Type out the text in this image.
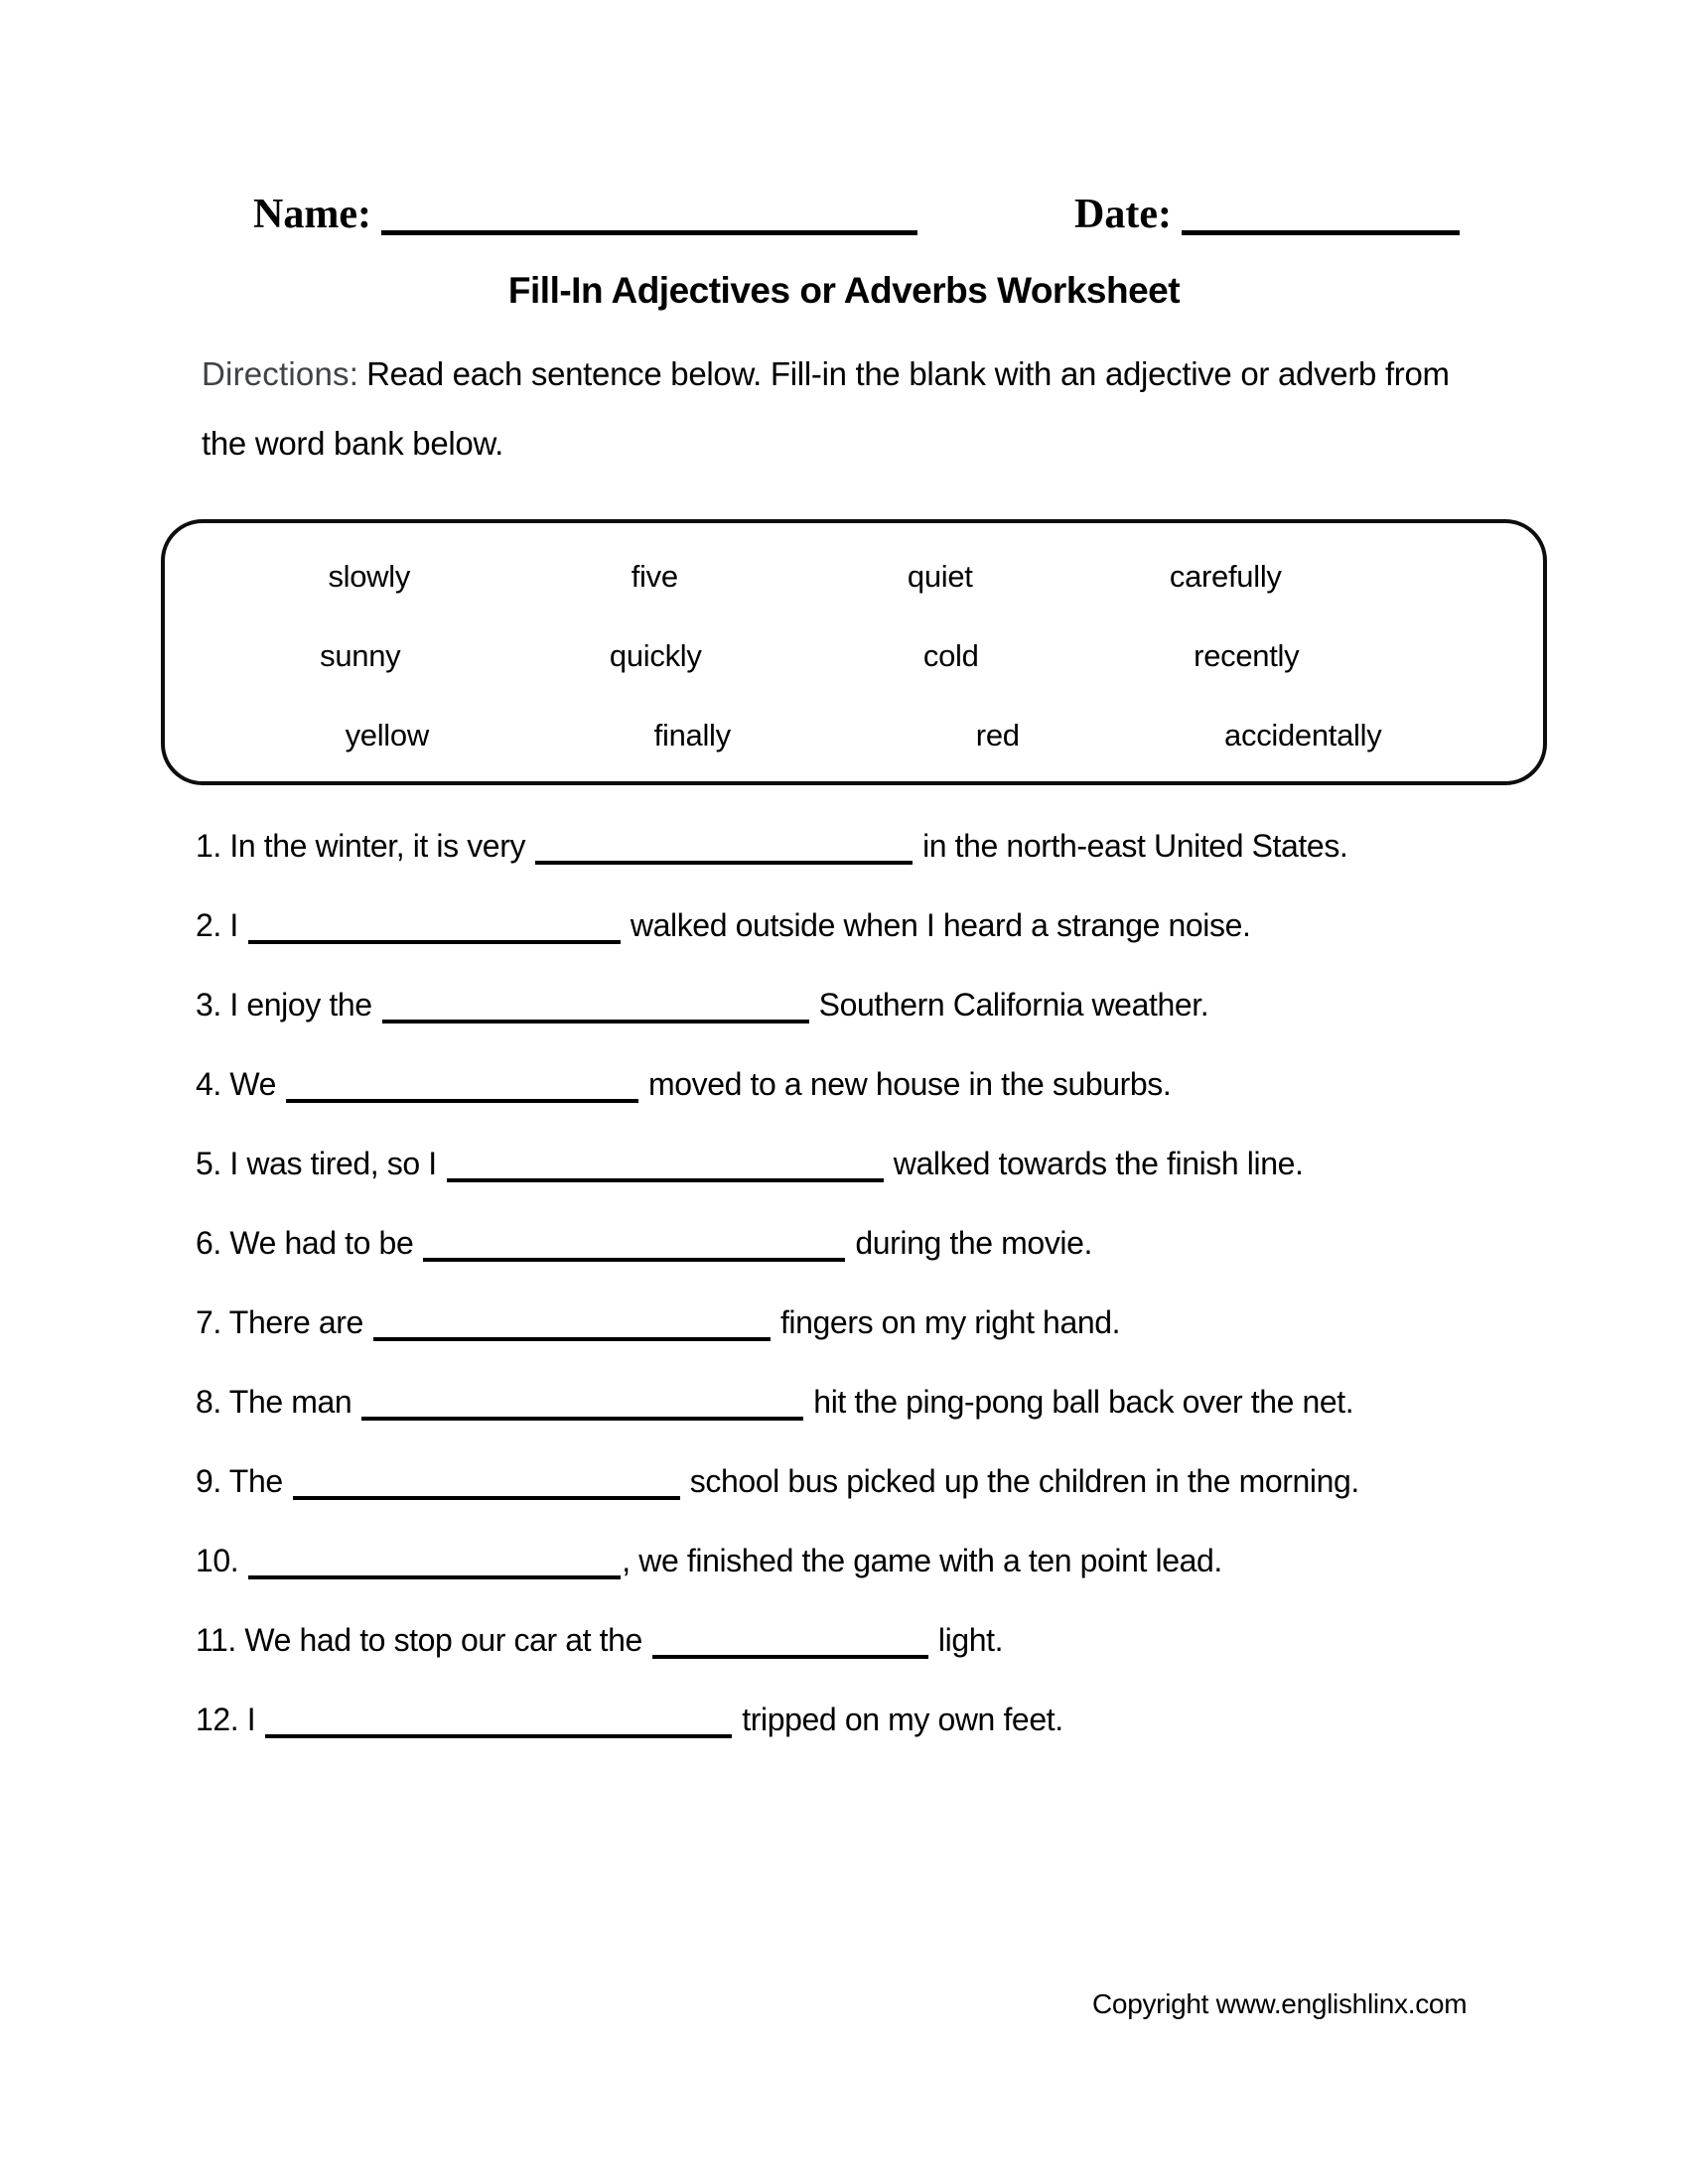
Name:	Date:
Fill-In Adjectives or Adverbs Worksheet

Directions: Read each sentence below. Fill-in the blank with an adjective or adverb from the word bank below.

slowly	five	quiet	carefully
sunny	quickly	cold	recently
yellow	finally	red	accidentally
1. In the winter, it is very	in the north-east United States.
2. I	walked outside when I heard a strange noise.
3. I enjoy the	Southern California weather.
4. We	moved to a new house in the suburbs.
5. I was tired, so I	walked towards the finish line.
6. We had to be	during the movie.
7. There are	fingers on my right hand.
8. The man	hit the ping-pong ball back over the net.
9. The	school bus picked up the children in the morning.
10.	, we finished the game with a ten point lead.
11. We had to stop our car at the	light.
12. I	tripped on my own feet.
Copyright www.englishlinx.com
